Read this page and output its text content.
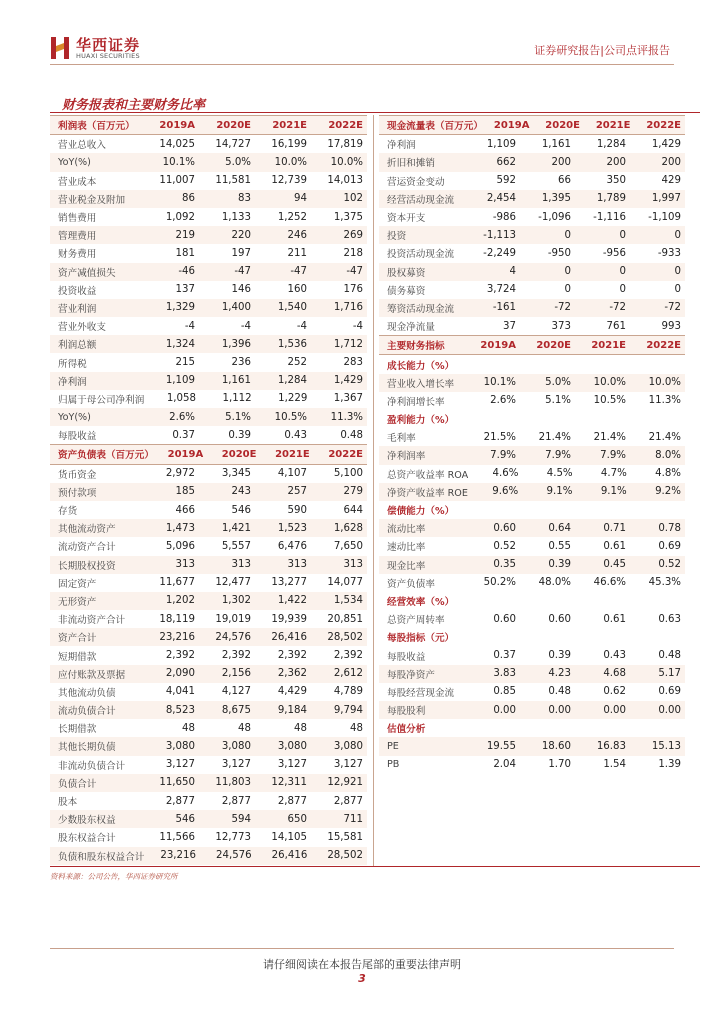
华西证券
HUAXI SECURITIES	证券研究报告|公司点评报告
财务报表和主要财务比率
利润表（百万元）	2019A	2020E	2021E	2022E
营业总收入	14,025	14,727	16,199	17,819
YoY(%)	10.1%	5.0%	10.0%	10.0%
营业成本	11,007	11,581	12,739	14,013
营业税金及附加	86	83	94	102
销售费用	1,092	1,133	1,252	1,375
管理费用	219	220	246	269
财务费用	181	197	211	218
资产减值损失	-46	-47	-47	-47
投资收益	137	146	160	176
营业利润	1,329	1,400	1,540	1,716
营业外收支	-4	-4	-4	-4
利润总额	1,324	1,396	1,536	1,712
所得税	215	236	252	283
净利润	1,109	1,161	1,284	1,429
归属于母公司净利润	1,058	1,112	1,229	1,367
YoY(%)	2.6%	5.1%	10.5%	11.3%
每股收益	0.37	0.39	0.43	0.48
资产负债表（百万元）	2019A	2020E	2021E	2022E
货币资金	2,972	3,345	4,107	5,100
预付款项	185	243	257	279
存货	466	546	590	644
其他流动资产	1,473	1,421	1,523	1,628
流动资产合计	5,096	5,557	6,476	7,650
长期股权投资	313	313	313	313
固定资产	11,677	12,477	13,277	14,077
无形资产	1,202	1,302	1,422	1,534
非流动资产合计	18,119	19,019	19,939	20,851
资产合计	23,216	24,576	26,416	28,502
短期借款	2,392	2,392	2,392	2,392
应付账款及票据	2,090	2,156	2,362	2,612
其他流动负债	4,041	4,127	4,429	4,789
流动负债合计	8,523	8,675	9,184	9,794
长期借款	48	48	48	48
其他长期负债	3,080	3,080	3,080	3,080
非流动负债合计	3,127	3,127	3,127	3,127
负债合计	11,650	11,803	12,311	12,921
股本	2,877	2,877	2,877	2,877
少数股东权益	546	594	650	711
股东权益合计	11,566	12,773	14,105	15,581
负债和股东权益合计	23,216	24,576	26,416	28,502
现金流量表（百万元）	2019A	2020E	2021E	2022E
净利润	1,109	1,161	1,284	1,429
折旧和摊销	662	200	200	200
营运资金变动	592	66	350	429
经营活动现金流	2,454	1,395	1,789	1,997
资本开支	-986	-1,096	-1,116	-1,109
投资	-1,113	0	0	0
投资活动现金流	-2,249	-950	-956	-933
股权募资	4	0	0	0
债务募资	3,724	0	0	0
筹资活动现金流	-161	-72	-72	-72
现金净流量	37	373	761	993
主要财务指标	2019A	2020E	2021E	2022E
成长能力（%）
营业收入增长率	10.1%	5.0%	10.0%	10.0%
净利润增长率	2.6%	5.1%	10.5%	11.3%
盈利能力（%）
毛利率	21.5%	21.4%	21.4%	21.4%
净利润率	7.9%	7.9%	7.9%	8.0%
总资产收益率 ROA	4.6%	4.5%	4.7%	4.8%
净资产收益率 ROE	9.6%	9.1%	9.1%	9.2%
偿债能力（%）
流动比率	0.60	0.64	0.71	0.78
速动比率	0.52	0.55	0.61	0.69
现金比率	0.35	0.39	0.45	0.52
资产负债率	50.2%	48.0%	46.6%	45.3%
经营效率（%）
总资产周转率	0.60	0.60	0.61	0.63
每股指标（元）
每股收益	0.37	0.39	0.43	0.48
每股净资产	3.83	4.23	4.68	5.17
每股经营现金流	0.85	0.48	0.62	0.69
每股股利	0.00	0.00	0.00	0.00
估值分析
PE	19.55	18.60	16.83	15.13
PB	2.04	1.70	1.54	1.39
资料来源：公司公告，华西证券研究所
请仔细阅读在本报告尾部的重要法律声明
3
